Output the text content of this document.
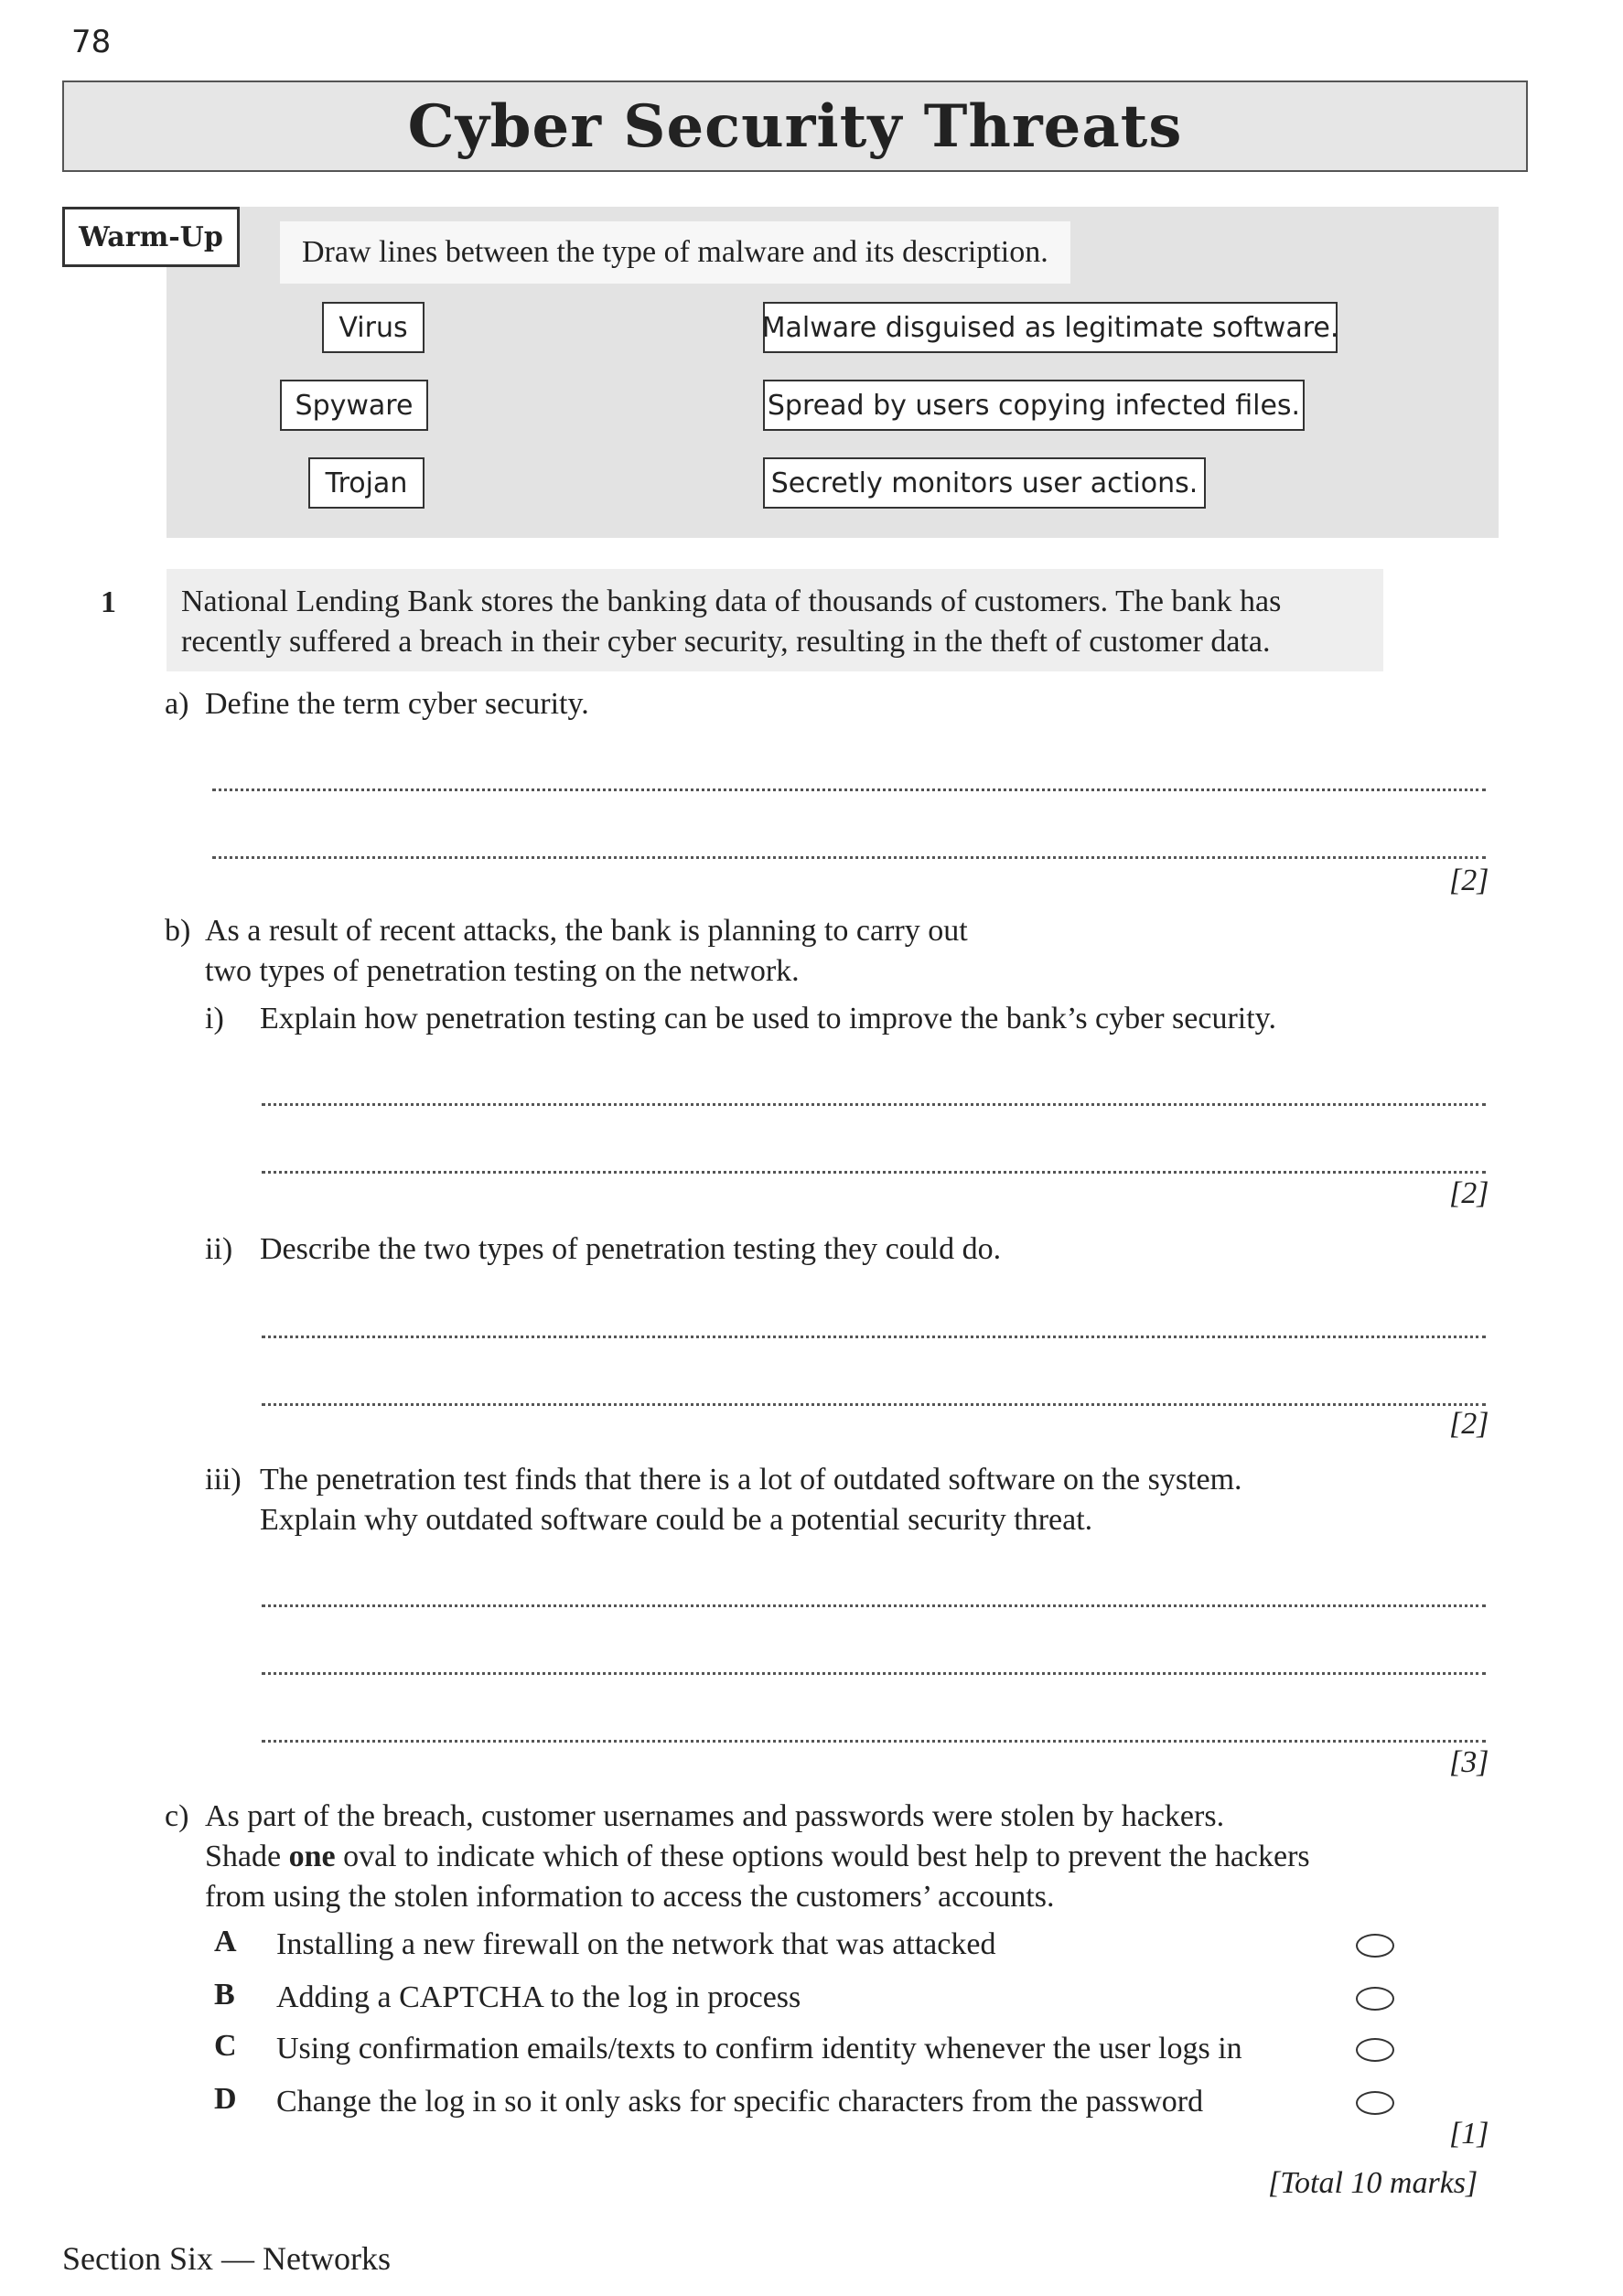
78
Cyber Security Threats
Warm-Up	Draw lines between the type of malware and its description.
Virus
Spyware
Trojan
Malware disguised as legitimate software.
Spread by users copying infected files.
Secretly monitors user actions.
1 National Lending Bank stores the banking data of thousands of customers. The bank has
recently suffered a breach in their cyber security, resulting in the theft of customer data.
a) Define the term cyber security.
[2]
b) As a result of recent attacks, the bank is planning to carry out
two types of penetration testing on the network.
i) Explain how penetration testing can be used to improve the bank’s cyber security.
[2]
ii) Describe the two types of penetration testing they could do.
[2]
iii) The penetration test finds that there is a lot of outdated software on the system.
Explain why outdated software could be a potential security threat.
[3]
c) As part of the breach, customer usernames and passwords were stolen by hackers.
Shade one oval to indicate which of these options would best help to prevent the hackers
from using the stolen information to access the customers’ accounts.
A Installing a new firewall on the network that was attacked
B Adding a CAPTCHA to the log in process
C Using confirmation emails/texts to confirm identity whenever the user logs in
D Change the log in so it only asks for specific characters from the password
[1]
[Total 10 marks]
Section Six — Networks
